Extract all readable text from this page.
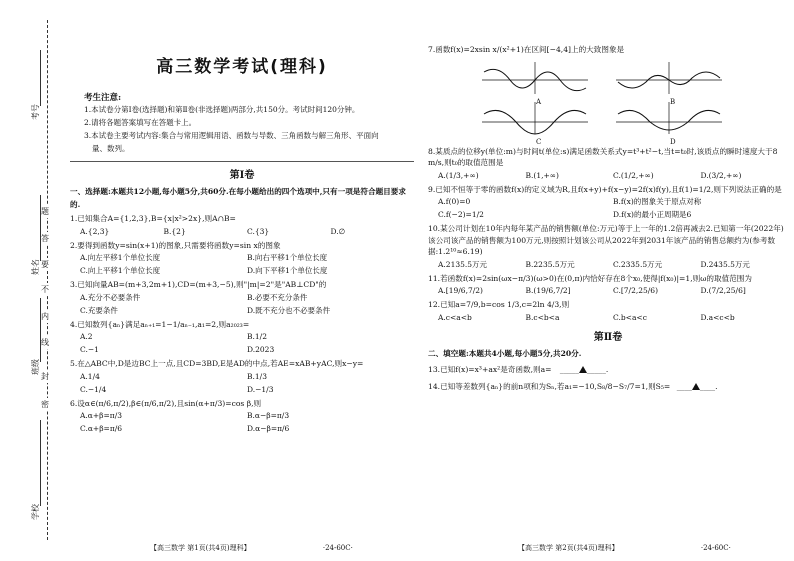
考号
姓名
班级
学校
题
答
要
不
内
线
封
密
高三数学考试(理科)
考生注意:
1.本试卷分第Ⅰ卷(选择题)和第Ⅱ卷(非选择题)两部分,共150分。考试时间120分钟。
2.请将各题答案填写在答题卡上。
3.本试卷主要考试内容:集合与常用逻辑用语、函数与导数、三角函数与解三角形、平面向
量、数列。
第Ⅰ卷
一、选择题:本题共12小题,每小题5分,共60分.在每小题给出的四个选项中,只有一项是符合题目要求的.
1.已知集合A={1,2,3},B={x|x²>2x},则A∩B=
A.{2,3}	B.{2}	C.{3}	D.∅
2.要得到函数y=sin(x+1)的图象,只需要将函数y=sin x的图象
A.向左平移1个单位长度	B.向右平移1个单位长度
C.向上平移1个单位长度	D.向下平移1个单位长度
3.已知向量AB=(m+3,2m+1),CD=(m+3,−5),则"|m|=2"是"AB⊥CD"的
A.充分不必要条件	B.必要不充分条件
C.充要条件	D.既不充分也不必要条件
4.已知数列{aₙ}满足aₙ₊₁=1−1/aₙ₋₁,a₁=2,则a₂₀₂₃=
A.2	B.1/2
C.−1	D.2023
5.在△ABC中,D是边BC上一点,且CD=3BD,E是AD的中点,若AE=xAB+yAC,则x−y=
A.1/4	B.1/3
C.−1/4	D.−1/3
6.设α∈(π/6,π/2),β∈(π/6,π/2),且sin(α+π/3)=cos β,则
A.α+β=π/3	B.α−β=π/3
C.α+β=π/6	D.α−β=π/6
【高三数学 第1页(共4页)理科】	·24-60C·
7.函数f(x)=2xsin x/(x²+1)在区间[−4,4]上的大致图象是
A	B
C	D
8.某质点的位移y(单位:m)与时间t(单位:s)满足函数关系式y=t³+t²−t,当t=t₀时,该质点的瞬时速度大于8 m/s,则t₀的取值范围是
A.(1/3,+∞)	B.(1,+∞)	C.(1/2,+∞)	D.(3/2,+∞)
9.已知不恒等于零的函数f(x)的定义域为R,且f(x+y)+f(x−y)=2f(x)f(y),且f(1)=1/2,则下列说法正确的是
A.f(0)=0	B.f(x)的图象关于原点对称
C.f(−2)=1/2	D.f(x)的最小正周期是6
10.某公司计划在10年内每年某产品的销售额(单位:万元)等于上一年的1.2倍再减去2.已知第一年(2022年)该公司该产品的销售额为100万元,则按照计划该公司从2022年到2031年该产品的销售总额约为(参考数据:1.2¹⁰≈6.19)
A.2135.5万元	B.2235.5万元	C.2335.5万元	D.2435.5万元
11.若函数f(x)=2sin(ωx−π/3)(ω>0)在(0,π)内恰好存在8个x₀,使得|f(x₀)|=1,则ω的取值范围为
A.[19/6,7/2)	B.(19/6,7/2]	C.[7/2,25/6)	D.(7/2,25/6]
12.已知a=7/9,b=cos 1/3,c=2ln 4/3,则
A.c<a<b	B.c<b<a	C.b<a<c	D.a<c<b
第Ⅱ卷
二、填空题:本题共4小题,每小题5分,共20分.
13.已知f(x)=x³+ax²是奇函数,则a= _____ _____.
14.已知等差数列{aₙ}的前n项和为Sₙ,若a₁=−10,S₈/8−S₇/7=1,则S₅= ____ ____.
【高三数学 第2页(共4页)理科】	·24-60C·
